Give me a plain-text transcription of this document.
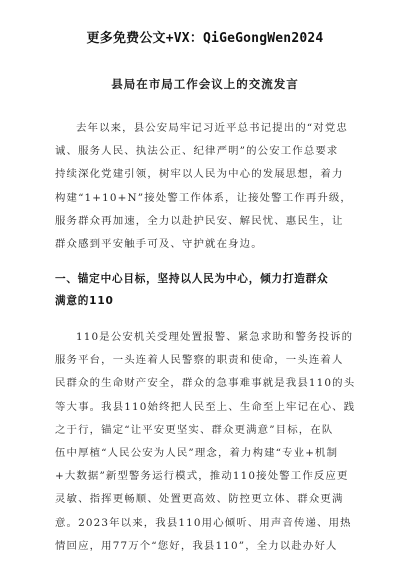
更多免费公文+VX：QiGeGongWen2024
县局在市局工作会议上的交流发言
去年以来，县公安局牢记习近平总书记提出的“对党忠
诚、服务人民、执法公正、纪律严明”的公安工作总要求
持续深化党建引领，树牢以人民为中心的发展思想，着力
构建“1+10+N”接处警工作体系，让接处警工作再升级，
服务群众再加速，全力以赴护民安、解民忧、惠民生，让
群众感到平安触手可及、守护就在身边。
一、锚定中心目标，坚持以人民为中心，倾力打造群众
满意的110
110是公安机关受理处置报警、紧急求助和警务投诉的
服务平台，一头连着人民警察的职责和使命，一头连着人
民群众的生命财产安全，群众的急事难事就是我县110的头
等大事。我县110始终把人民至上、生命至上牢记在心、践
之于行，锚定“让平安更坚实、群众更满意”目标，在队
伍中厚植“人民公安为人民”理念，着力构建“专业+机制
+大数据”新型警务运行模式，推动110接处警工作反应更
灵敏、指挥更畅顺、处置更高效、防控更立体、群众更满
意。2023年以来，我县110用心倾听、用声音传递、用热
情回应，用77万个“您好，我县110”，全力以赴办好人
